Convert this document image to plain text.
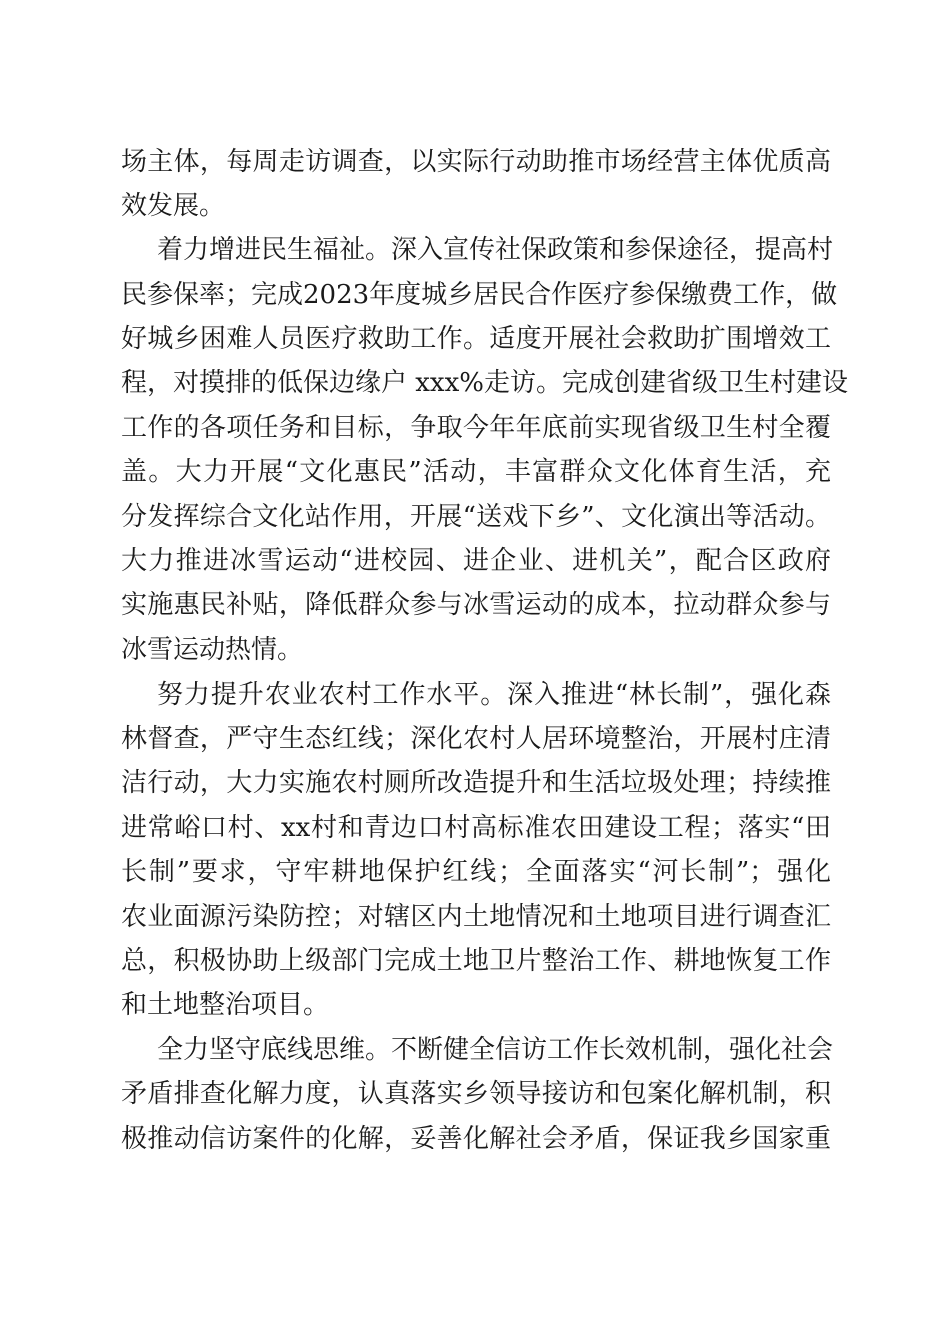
场主体，每周走访调查，以实际行动助推市场经营主体优质高
效发展。
着力增进民生福祉。深入宣传社保政策和参保途径，提高村
民参保率；完成2023年度城乡居民合作医疗参保缴费工作，做
好城乡困难人员医疗救助工作。适度开展社会救助扩围增效工
程，对摸排的低保边缘户 xxx%走访。完成创建省级卫生村建设
工作的各项任务和目标，争取今年年底前实现省级卫生村全覆
盖。大力开展“文化惠民”活动，丰富群众文化体育生活，充
分发挥综合文化站作用，开展“送戏下乡”、文化演出等活动。
大力推进冰雪运动“进校园、进企业、进机关”，配合区政府
实施惠民补贴，降低群众参与冰雪运动的成本，拉动群众参与
冰雪运动热情。
努力提升农业农村工作水平。深入推进“林长制”，强化森
林督查，严守生态红线；深化农村人居环境整治，开展村庄清
洁行动，大力实施农村厕所改造提升和生活垃圾处理；持续推
进常峪口村、xx村和青边口村高标准农田建设工程；落实“田
长制”要求，守牢耕地保护红线；全面落实“河长制”；强化
农业面源污染防控；对辖区内土地情况和土地项目进行调查汇
总，积极协助上级部门完成土地卫片整治工作、耕地恢复工作
和土地整治项目。
全力坚守底线思维。不断健全信访工作长效机制，强化社会
矛盾排查化解力度，认真落实乡领导接访和包案化解机制，积
极推动信访案件的化解，妥善化解社会矛盾，保证我乡国家重
